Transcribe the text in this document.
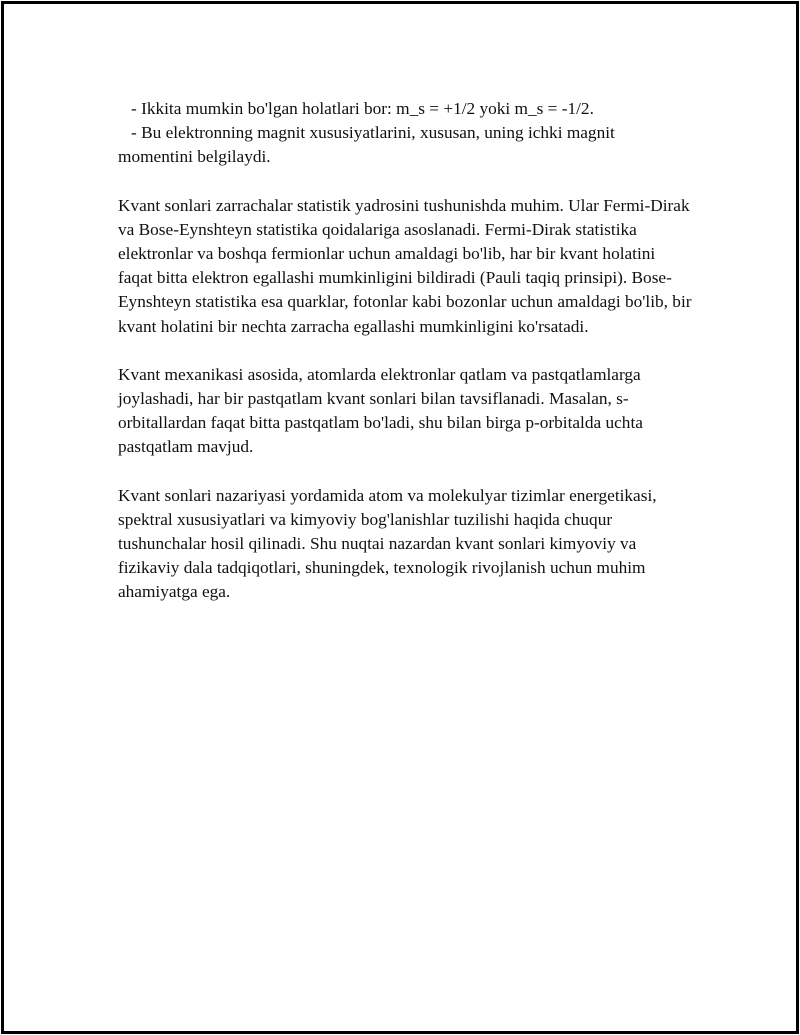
- Ikkita mumkin bo'lgan holatlari bor: m_s = +1/2 yoki m_s = -1/2.

- Bu elektronning magnit xususiyatlarini, xususan, uning ichki magnit momentini belgilaydi.

Kvant sonlari zarrachalar statistik yadrosini tushunishda muhim. Ular Fermi-Dirak va Bose-Eynshteyn statistika qoidalariga asoslanadi. Fermi-Dirak statistika elektronlar va boshqa fermionlar uchun amaldagi bo'lib, har bir kvant holatini faqat bitta elektron egallashi mumkinligini bildiradi (Pauli taqiq prinsipi). Bose-Eynshteyn statistika esa quarklar, fotonlar kabi bozonlar uchun amaldagi bo'lib, bir kvant holatini bir nechta zarracha egallashi mumkinligini ko'rsatadi.

Kvant mexanikasi asosida, atomlarda elektronlar qatlam va pastqatlamlarga joylashadi, har bir pastqatlam kvant sonlari bilan tavsiflanadi. Masalan, s-orbitallardan faqat bitta pastqatlam bo'ladi, shu bilan birga p-orbitalda uchta pastqatlam mavjud.

Kvant sonlari nazariyasi yordamida atom va molekulyar tizimlar energetikasi, spektral xususiyatlari va kimyoviy bog'lanishlar tuzilishi haqida chuqur tushunchalar hosil qilinadi. Shu nuqtai nazardan kvant sonlari kimyoviy va fizikaviy dala tadqiqotlari, shuningdek, texnologik rivojlanish uchun muhim ahamiyatga ega.
